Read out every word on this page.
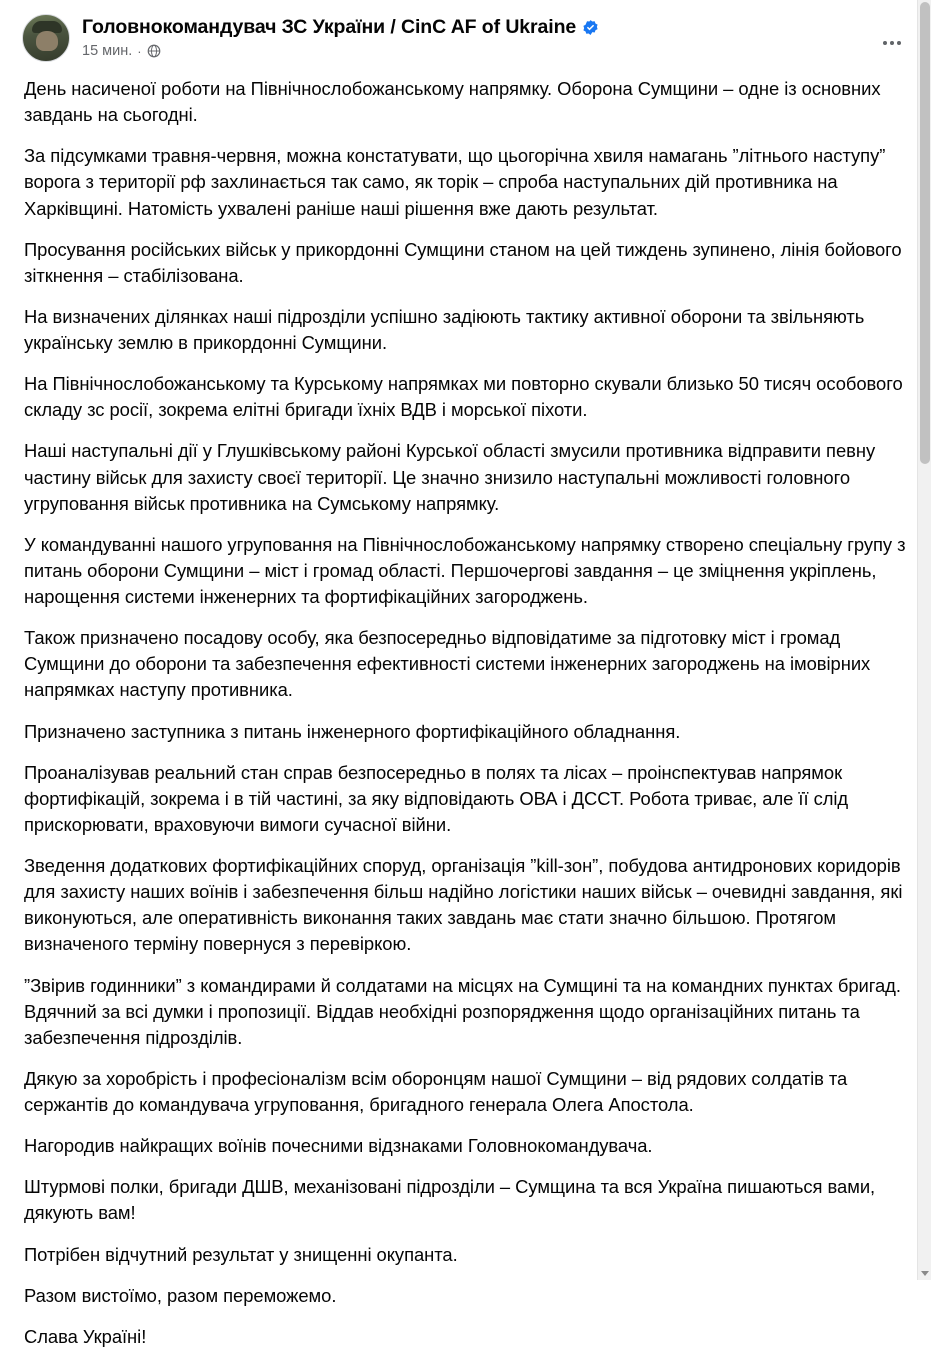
Головнокомандувач ЗС України / CinC AF of Ukraine
15 мин. ·

День насиченої роботи на Північнослобожанському напрямку. Оборона Сумщини – одне із основних завдань на сьогодні.

За підсумками травня-червня, можна констатувати, що цьогорічна хвиля намагань ”літнього наступу” ворога з території рф захлинається так само, як торік – спроба наступальних дій противника на Харківщині. Натомість ухвалені раніше наші рішення вже дають результат.

Просування російських військ у прикордонні Сумщини станом на цей тиждень зупинено, лінія бойового зіткнення – стабілізована.

На визначених ділянках наші підрозділи успішно задіюють тактику активної оборони та звільняють українську землю в прикордонні Сумщини.

На Північнослобожанському та Курському напрямках ми повторно скували близько 50 тисяч особового складу зс росії, зокрема елітні бригади їхніх ВДВ і морської піхоти.

Наші наступальні дії у Глушківському районі Курської області змусили противника відправити певну частину військ для захисту своєї території. Це значно знизило наступальні можливості головного угруповання військ противника на Сумському напрямку.

У командуванні нашого угруповання на Північнослобожанському напрямку створено спеціальну групу з питань оборони Сумщини – міст і громад області. Першочергові завдання – це зміцнення укріплень, нарощення системи інженерних та фортифікаційних загороджень.

Також призначено посадову особу, яка безпосередньо відповідатиме за підготовку міст і громад Сумщини до оборони та забезпечення ефективності системи інженерних загороджень на імовірних напрямках наступу противника.

Призначено заступника з питань інженерного фортифікаційного обладнання.

Проаналізував реальний стан справ безпосередньо в полях та лісах – проінспектував напрямок фортифікацій, зокрема і в тій частині, за яку відповідають ОВА і ДССТ. Робота триває, але її слід прискорювати, враховуючи вимоги сучасної війни.

Зведення додаткових фортифікаційних споруд, організація ”kill-зон”, побудова антидронових коридорів для захисту наших воїнів і забезпечення більш надійно логістики наших військ – очевидні завдання, які виконуються, але оперативність виконання таких завдань має стати значно більшою. Протягом визначеного терміну повернуся з перевіркою.

”Звірив годинники” з командирами й солдатами на місцях на Сумщині та на командних пунктах бригад. Вдячний за всі думки і пропозиції. Віддав необхідні розпорядження щодо організаційних питань та забезпечення підрозділів.

Дякую за хоробрість і професіоналізм всім оборонцям нашої Сумщини – від рядових солдатів та сержантів до командувача угруповання, бригадного генерала Олега Апостола.

Нагородив найкращих воїнів почесними відзнаками Головнокомандувача.

Штурмові полки, бригади ДШВ, механізовані підрозділи – Сумщина та вся Україна пишаються вами, дякують вам!

Потрібен відчутний результат у знищенні окупанта.

Разом вистоїмо, разом переможемо.

Слава Україні!
